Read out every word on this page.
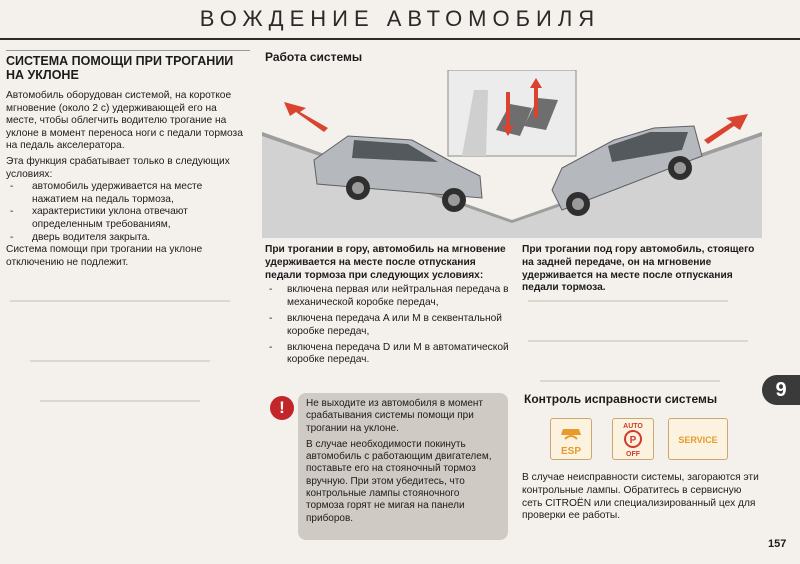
ВОЖДЕНИЕ АВТОМОБИЛЯ
СИСТЕМА ПОМОЩИ ПРИ ТРОГАНИИ НА УКЛОНЕ

Автомобиль оборудован системой, на короткое мгновение (около 2 с) удерживающей его на месте, чтобы облегчить водителю трогание на уклоне в момент переноса ноги с педали тормоза на педаль акселератора.

Эта функция срабатывает только в следующих условиях:

- автомобиль удерживается на месте нажатием на педаль тормоза,
- характеристики уклона отвечают определенным требованиям,
- дверь водителя закрыта.

Система помощи при трогании на уклоне отключению не подлежит.

Работа системы

При трогании в гору, автомобиль на мгновение удерживается на месте после отпускания педали тормоза при следующих условиях:

- включена первая или нейтральная передача в механической коробке передач,
- включена передача A или M в секвентальной коробке передач,
- включена передача D или M в автоматической коробке передач.

При трогании под гору автомобиль, стоящего на задней передаче, он на мгновение удерживается на месте после отпускания педали тормоза.

!	Не выходите из автомобиля в момент срабатывания системы помощи при трогании на уклоне.

В случае необходимости покинуть автомобиль с работающим двигателем, поставьте его на стояночный тормоз вручную. При этом убедитесь, что контрольные лампы стояночного тормоза горят не мигая на панели приборов.

Контроль исправности системы
ESP
AUTO
P
OFF
SERVICE
В случае неисправности системы, загораются эти контрольные лампы. Обратитесь в сервисную сеть CITROËN или специализированный цех для проверки ее работы.
9
157
